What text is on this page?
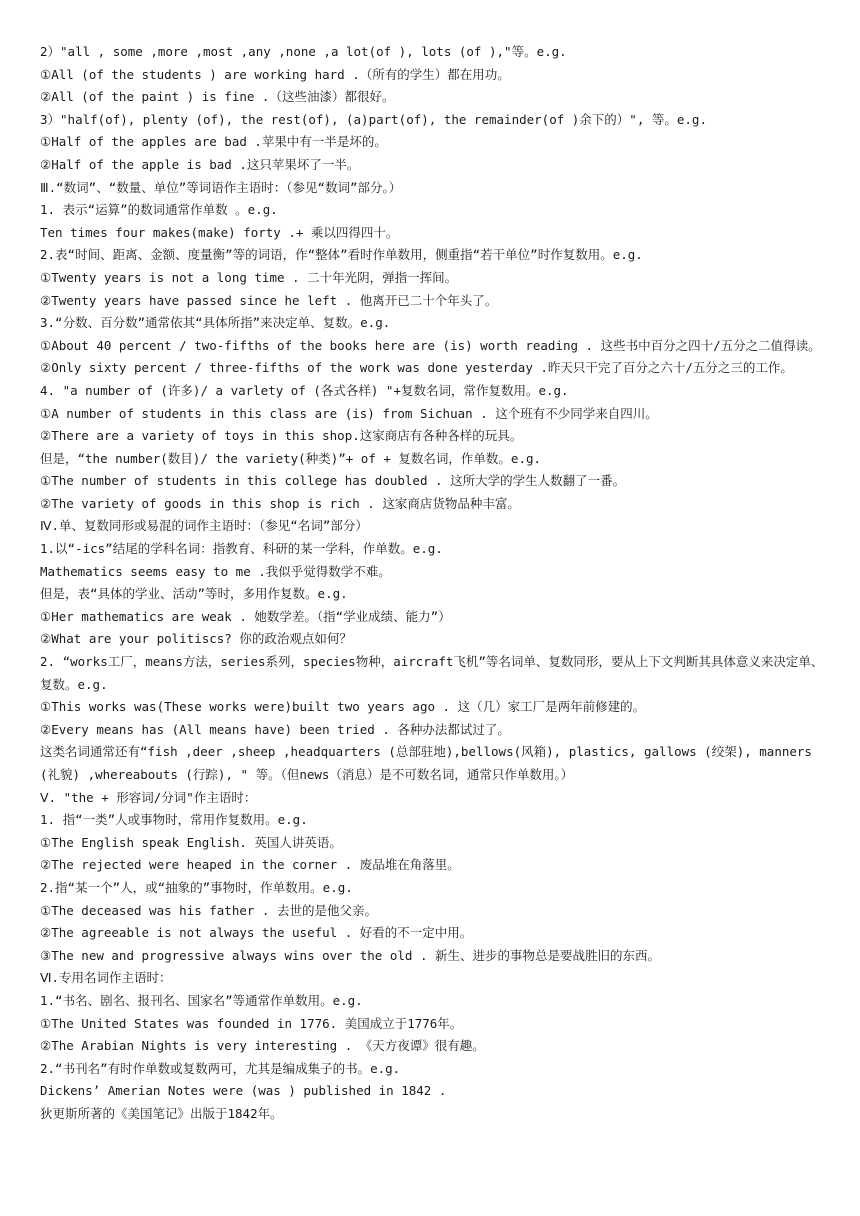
2）"all , some ,more ,most ,any ,none ,a lot(of ), lots (of ),"等。e.g.
①All (of the students ) are working hard .（所有的学生）都在用功。
②All (of the paint ) is fine .（这些油漆）都很好。
3）"half(of), plenty (of), the rest(of), (a)part(of), the remainder(of )余下的）", 等。e.g.
①Half of the apples are bad .苹果中有一半是坏的。
②Half of the apple is bad .这只苹果坏了一半。
Ⅲ.“数词”、“数量、单位”等词语作主语时：（参见“数词”部分。）
1. 表示“运算”的数词通常作单数 。e.g.
Ten times four makes(make) forty .+ 乘以四得四十。
2.表“时间、距离、金额、度量衡”等的词语，作“整体”看时作单数用，侧重指“若干单位”时作复数用。e.g.
①Twenty years is not a long time . 二十年光阴，弹指一挥间。
②Twenty years have passed since he left . 他离开已二十个年头了。
3.“分数、百分数”通常依其“具体所指”来决定单、复数。e.g.
①About 40 percent / two-fifths of the books here are (is) worth reading . 这些书中百分之四十/五分之二值得读。
②Only sixty percent / three-fifths of the work was done yesterday .昨天只干完了百分之六十/五分之三的工作。
4. "a number of (许多)/ a varlety of (各式各样) "+复数名词，常作复数用。e.g.
①A number of students in this class are (is) from Sichuan . 这个班有不少同学来自四川。
②There are a variety of toys in this shop.这家商店有各种各样的玩具。
但是，“the number(数目)/ the variety(种类)”+ of + 复数名词，作单数。e.g.
①The number of students in this college has doubled . 这所大学的学生人数翻了一番。
②The variety of goods in this shop is rich . 这家商店货物品种丰富。
Ⅳ.单、复数同形或易混的词作主语时：（参见“名词”部分）
1.以“-ics”结尾的学科名词：指教育、科研的某一学科，作单数。e.g.
Mathematics seems easy to me .我似乎觉得数学不难。
但是，表“具体的学业、活动”等时，多用作复数。e.g.
①Her mathematics are weak . 她数学差。（指“学业成绩、能力”）
②What are your politiscs? 你的政治观点如何？
2. “works工厂，means方法，series系列，species物种，aircraft飞机”等名词单、复数同形，要从上下文判断其具体意义来决定单、复数。e.g.
①This works was(These works were)built two years ago . 这（几）家工厂是两年前修建的。
②Every means has (All means have) been tried . 各种办法都试过了。
这类名词通常还有“fish ,deer ,sheep ,headquarters (总部驻地),bellows(风箱), plastics, gallows (绞架), manners(礼貌) ,whereabouts (行踪), " 等。（但news（消息）是不可数名词，通常只作单数用。）
Ⅴ. "the + 形容词/分词"作主语时：
1. 指“一类”人或事物时，常用作复数用。e.g.
①The English speak English. 英国人讲英语。
②The rejected were heaped in the corner . 废品堆在角落里。
2.指“某一个”人，或“抽象的”事物时，作单数用。e.g.
①The deceased was his father . 去世的是他父亲。
②The agreeable is not always the useful . 好看的不一定中用。
③The new and progressive always wins over the old . 新生、进步的事物总是要战胜旧的东西。
Ⅵ.专用名词作主语时：
1.“书名、剧名、报刊名、国家名”等通常作单数用。e.g.
①The United States was founded in 1776. 美国成立于1776年。
②The Arabian Nights is very interesting . 《天方夜谭》很有趣。
2.“书刊名”有时作单数或复数两可，尤其是编成集子的书。e.g.
Dickens’ Amerian Notes were (was ) published in 1842 .
狄更斯所著的《美国笔记》出版于1842年。
